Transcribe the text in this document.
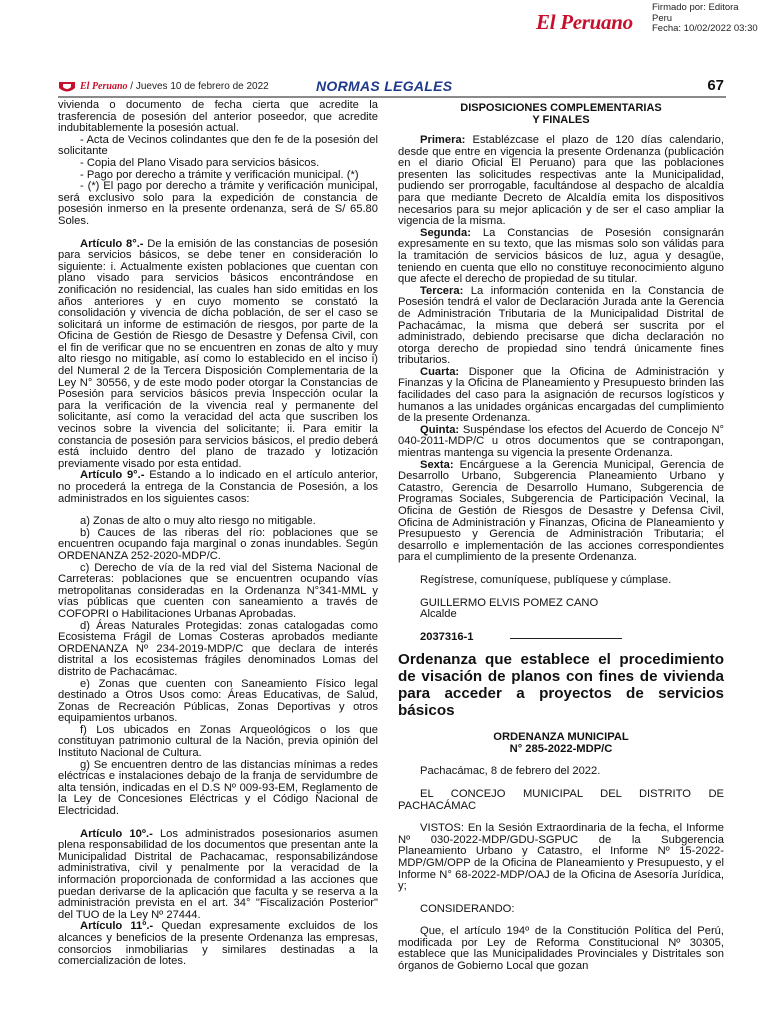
El Peruano
Firmado por: Editora
Peru
Fecha: 10/02/2022 03:30
El Peruano / Jueves 10 de febrero de 2022	NORMAS LEGALES	67

vivienda o documento de fecha cierta que acredite la trasferencia de posesión del anterior poseedor, que acredite indubitablemente la posesión actual.

- Acta de Vecinos colindantes que den fe de la posesión del solicitante

- Copia del Plano Visado para servicios básicos.

- Pago por derecho a trámite y verificación municipal. (*)

- (*) El pago por derecho a trámite y verificación municipal, será exclusivo solo para la expedición de constancia de posesión inmerso en la presente ordenanza, será de S/ 65.80 Soles.

Artículo 8°.- De la emisión de las constancias de posesión para servicios básicos, se debe tener en consideración lo siguiente: i. Actualmente existen poblaciones que cuentan con plano visado para servicios básicos encontrándose en zonificación no residencial, las cuales han sido emitidas en los años anteriores y en cuyo momento se constató la consolidación y vivencia de dicha población, de ser el caso se solicitará un informe de estimación de riesgos, por parte de la Oficina de Gestión de Riesgo de Desastre y Defensa Civil, con el fin de verificar que no se encuentren en zonas de alto y muy alto riesgo no mitigable, así como lo establecido en el inciso i) del Numeral 2 de la Tercera Disposición Complementaria de la Ley N° 30556, y de este modo poder otorgar la Constancias de Posesión para servicios básicos previa Inspección ocular la para la verificación de la vivencia real y permanente del solicitante, así como la veracidad del acta que suscriben los vecinos sobre la vivencia del solicitante; ii. Para emitir la constancia de posesión para servicios básicos, el predio deberá está incluido dentro del plano de trazado y lotización previamente visado por esta entidad.

Artículo 9°.- Estando a lo indicado en el artículo anterior, no procederá la entrega de la Constancia de Posesión, a los administrados en los siguientes casos:

a) Zonas de alto o muy alto riesgo no mitigable.

b) Cauces de las riberas del río: poblaciones que se encuentren ocupando faja marginal o zonas inundables. Según ORDENANZA 252-2020-MDP/C.

c) Derecho de vía de la red vial del Sistema Nacional de Carreteras: poblaciones que se encuentren ocupando vías metropolitanas consideradas en la Ordenanza N°341-MML y vías públicas que cuenten con saneamiento a través de COFOPRI o Habilitaciones Urbanas Aprobadas.

d) Áreas Naturales Protegidas: zonas catalogadas como Ecosistema Frágil de Lomas Costeras aprobados mediante ORDENANZA Nº 234-2019-MDP/C que declara de interés distrital a los ecosistemas frágiles denominados Lomas del distrito de Pachacámac.

e) Zonas que cuenten con Saneamiento Físico legal destinado a Otros Usos como: Áreas Educativas, de Salud, Zonas de Recreación Públicas, Zonas Deportivas y otros equipamientos urbanos.

f) Los ubicados en Zonas Arqueológicos o los que constituyan patrimonio cultural de la Nación, previa opinión del Instituto Nacional de Cultura.

g) Se encuentren dentro de las distancias mínimas a redes eléctricas e instalaciones debajo de la franja de servidumbre de alta tensión, indicadas en el D.S Nº 009-93-EM, Reglamento de la Ley de Concesiones Eléctricas y el Código Nacional de Electricidad.

Artículo 10º.- Los administrados posesionarios asumen plena responsabilidad de los documentos que presentan ante la Municipalidad Distrital de Pachacamac, responsabilizándose administrativa, civil y penalmente por la veracidad de la información proporcionada de conformidad a las acciones que puedan derivarse de la aplicación que faculta y se reserva a la administración prevista en el art. 34° "Fiscalización Posterior" del TUO de la Ley Nº 27444.

Artículo 11º.- Quedan expresamente excluidos de los alcances y beneficios de la presente Ordenanza las empresas, consorcios inmobiliarias y similares destinadas a la comercialización de lotes.

DISPOSICIONES COMPLEMENTARIAS
Y FINALES

Primera: Establézcase el plazo de 120 días calendario, desde que entre en vigencia la presente Ordenanza (publicación en el diario Oficial El Peruano) para que las poblaciones presenten las solicitudes respectivas ante la Municipalidad, pudiendo ser prorrogable, facultándose al despacho de alcaldía para que mediante Decreto de Alcaldía emita los dispositivos necesarios para su mejor aplicación y de ser el caso ampliar la vigencia de la misma.

Segunda: La Constancias de Posesión consignarán expresamente en su texto, que las mismas solo son válidas para la tramitación de servicios básicos de luz, agua y desagüe, teniendo en cuenta que ello no constituye reconocimiento alguno que afecte el derecho de propiedad de su titular.

Tercera: La información contenida en la Constancia de Posesión tendrá el valor de Declaración Jurada ante la Gerencia de Administración Tributaria de la Municipalidad Distrital de Pachacámac, la misma que deberá ser suscrita por el administrado, debiendo precisarse que dicha declaración no otorga derecho de propiedad sino tendrá únicamente fines tributarios.

Cuarta: Disponer que la Oficina de Administración y Finanzas y la Oficina de Planeamiento y Presupuesto brinden las facilidades del caso para la asignación de recursos logísticos y humanos a las unidades orgánicas encargadas del cumplimiento de la presente Ordenanza.

Quinta: Suspéndase los efectos del Acuerdo de Concejo N° 040-2011-MDP/C u otros documentos que se contrapongan, mientras mantenga su vigencia la presente Ordenanza.

Sexta: Encárguese a la Gerencia Municipal, Gerencia de Desarrollo Urbano, Subgerencia Planeamiento Urbano y Catastro, Gerencia de Desarrollo Humano, Subgerencia de Programas Sociales, Subgerencia de Participación Vecinal, la Oficina de Gestión de Riesgos de Desastre y Defensa Civil, Oficina de Administración y Finanzas, Oficina de Planeamiento y Presupuesto y Gerencia de Administración Tributaria; el desarrollo e implementación de las acciones correspondientes para el cumplimiento de la presente Ordenanza.

Regístrese, comuníquese, publíquese y cúmplase.

GUILLERMO ELVIS POMEZ CANO

Alcalde

2037316-1

Ordenanza que establece el procedimiento de visación de planos con fines de vivienda para acceder a proyectos de servicios básicos

ORDENANZA MUNICIPAL
N° 285-2022-MDP/C

Pachacámac, 8 de febrero del 2022.

EL CONCEJO MUNICIPAL DEL DISTRITO DE PACHACÁMAC

VISTOS: En la Sesión Extraordinaria de la fecha, el Informe Nº 030-2022-MDP/GDU-SGPUC de la Subgerencia Planeamiento Urbano y Catastro, el Informe Nº 15-2022-MDP/GM/OPP de la Oficina de Planeamiento y Presupuesto, y el Informe N° 68-2022-MDP/OAJ de la Oficina de Asesoría Jurídica, y;

CONSIDERANDO:

Que, el artículo 194º de la Constitución Política del Perú, modificada por Ley de Reforma Constitucional Nº 30305, establece que las Municipalidades Provinciales y Distritales son órganos de Gobierno Local que gozan
